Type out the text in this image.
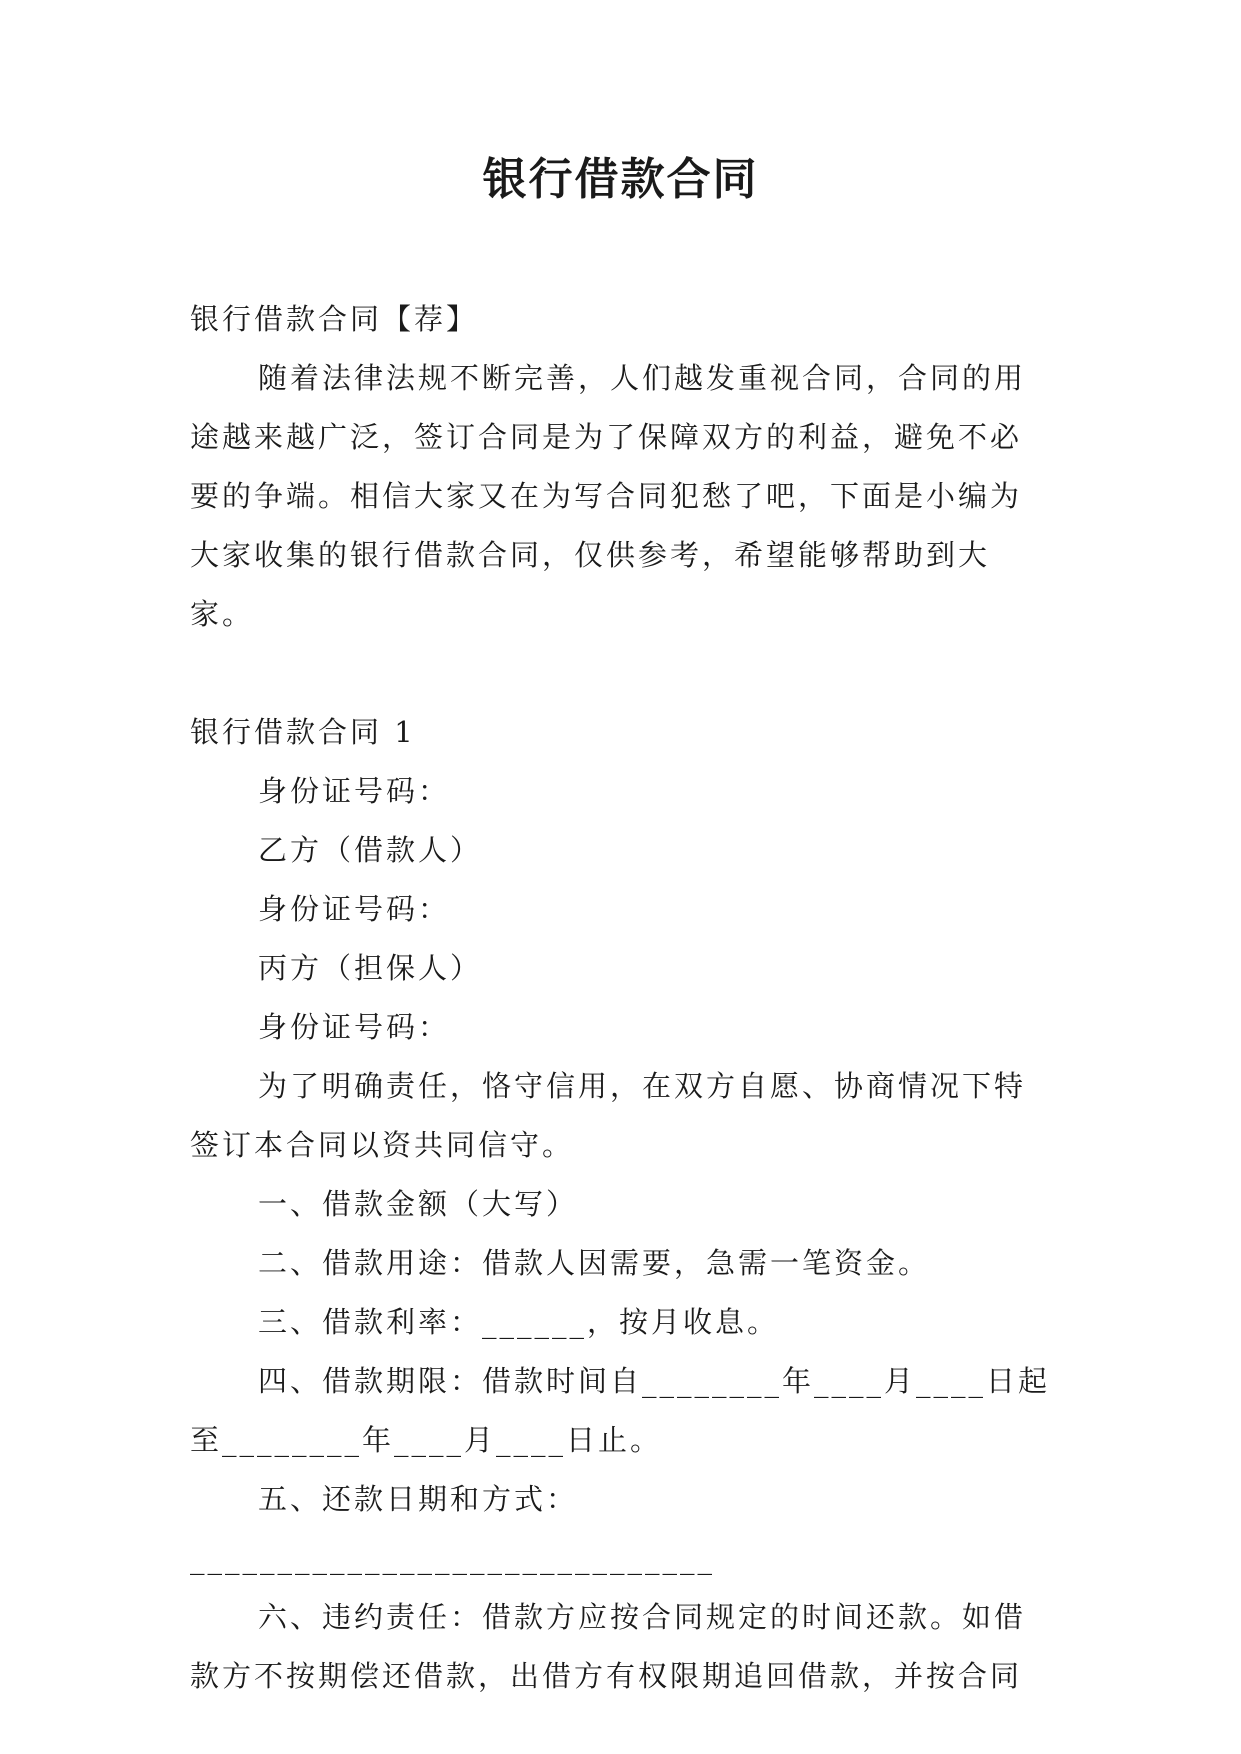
银行借款合同

银行借款合同【荐】

随着法律法规不断完善，人们越发重视合同，合同的用途越来越广泛，签订合同是为了保障双方的利益，避免不必要的争端。相信大家又在为写合同犯愁了吧，下面是小编为大家收集的银行借款合同，仅供参考，希望能够帮助到大家。

银行借款合同 1

身份证号码：

乙方（借款人）

身份证号码：

丙方（担保人）

身份证号码：

为了明确责任，恪守信用，在双方自愿、协商情况下特签订本合同以资共同信守。

一、借款金额（大写）

二、借款用途：借款人因需要，急需一笔资金。

三、借款利率：______，按月收息。

四、借款期限：借款时间自________年____月____日起至________年____月____日止。

五、还款日期和方式：______________________________

六、违约责任：借款方应按合同规定的时间还款。如借款方不按期偿还借款，出借方有权限期追回借款，并按合同
